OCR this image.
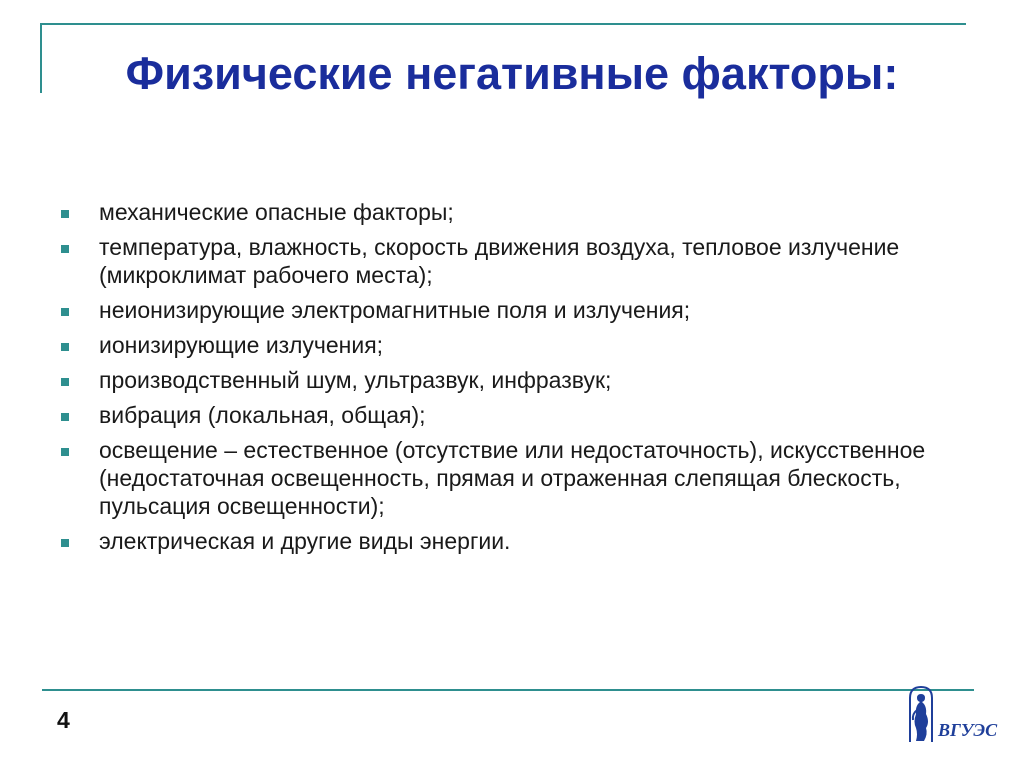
Физические негативные факторы:
механические опасные факторы;
температура, влажность, скорость движения воздуха, тепловое излучение (микроклимат рабочего места);
неионизирующие электромагнитные поля и излучения;
ионизирующие излучения;
производственный шум, ультразвук, инфразвук;
вибрация (локальная, общая);
освещение – естественное (отсутствие или недостаточность), искусственное (недостаточная освещенность, прямая и отраженная слепящая блескость, пульсация освещенности);
электрическая и другие виды энергии.
4	ВГУЭС
